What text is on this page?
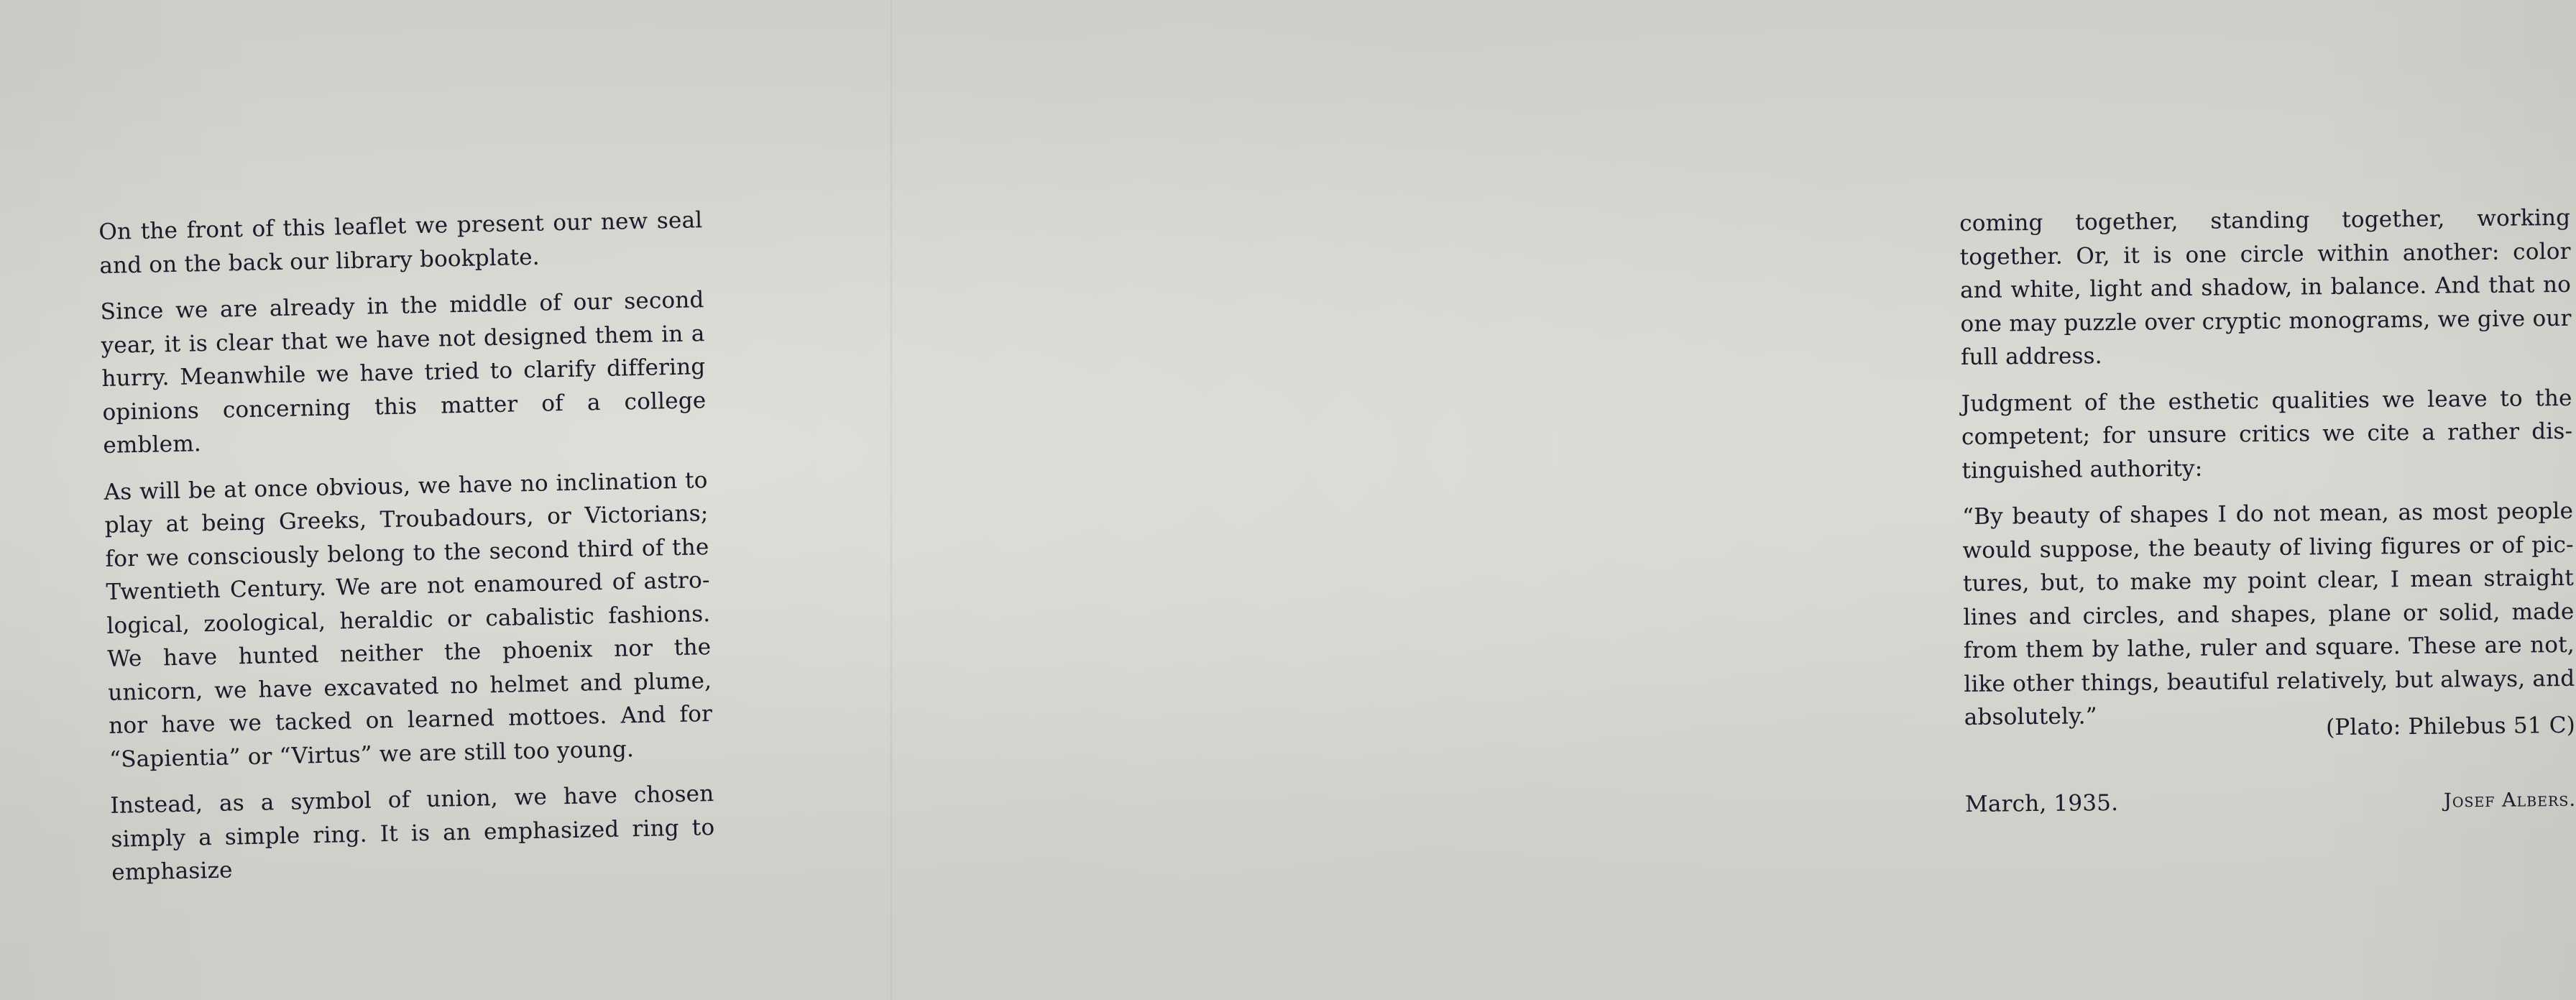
On the front of this leaflet we present our new seal and on the back our library bookplate.

Since we are already in the middle of our second year, it is clear that we have not designed them in a hurry. Meanwhile we have tried to clarify differing opinions concerning this matter of a college emblem.

As will be at once obvious, we have no inclination to play at being Greeks, Troubadours, or Victorians; for we consciously belong to the second third of the Twentieth Century. We are not enamoured of astrological, zoological, heraldic or cabalistic fashions. We have hunted neither the phoenix nor the unicorn, we have excavated no helmet and plume, nor have we tacked on learned mottoes. And for “Sapientia” or “Virtus” we are still too young.

Instead, as a symbol of union, we have chosen simply a simple ring. It is an emphasized ring to emphasize

coming together, standing together, working together. Or, it is one circle within another: color and white, light and shadow, in balance. And that no one may puzzle over cryptic monograms, we give our full address.

Judgment of the esthetic qualities we leave to the competent; for unsure critics we cite a rather distinguished authority:

“By beauty of shapes I do not mean, as most people would suppose, the beauty of living figures or of pictures, but, to make my point clear, I mean straight lines and circles, and shapes, plane or solid, made from them by lathe, ruler and square. These are not, like other things, beautiful relatively, but always, and absolutely.”	(Plato: Philebus 51 C)
March, 1935.	Josef Albers.
